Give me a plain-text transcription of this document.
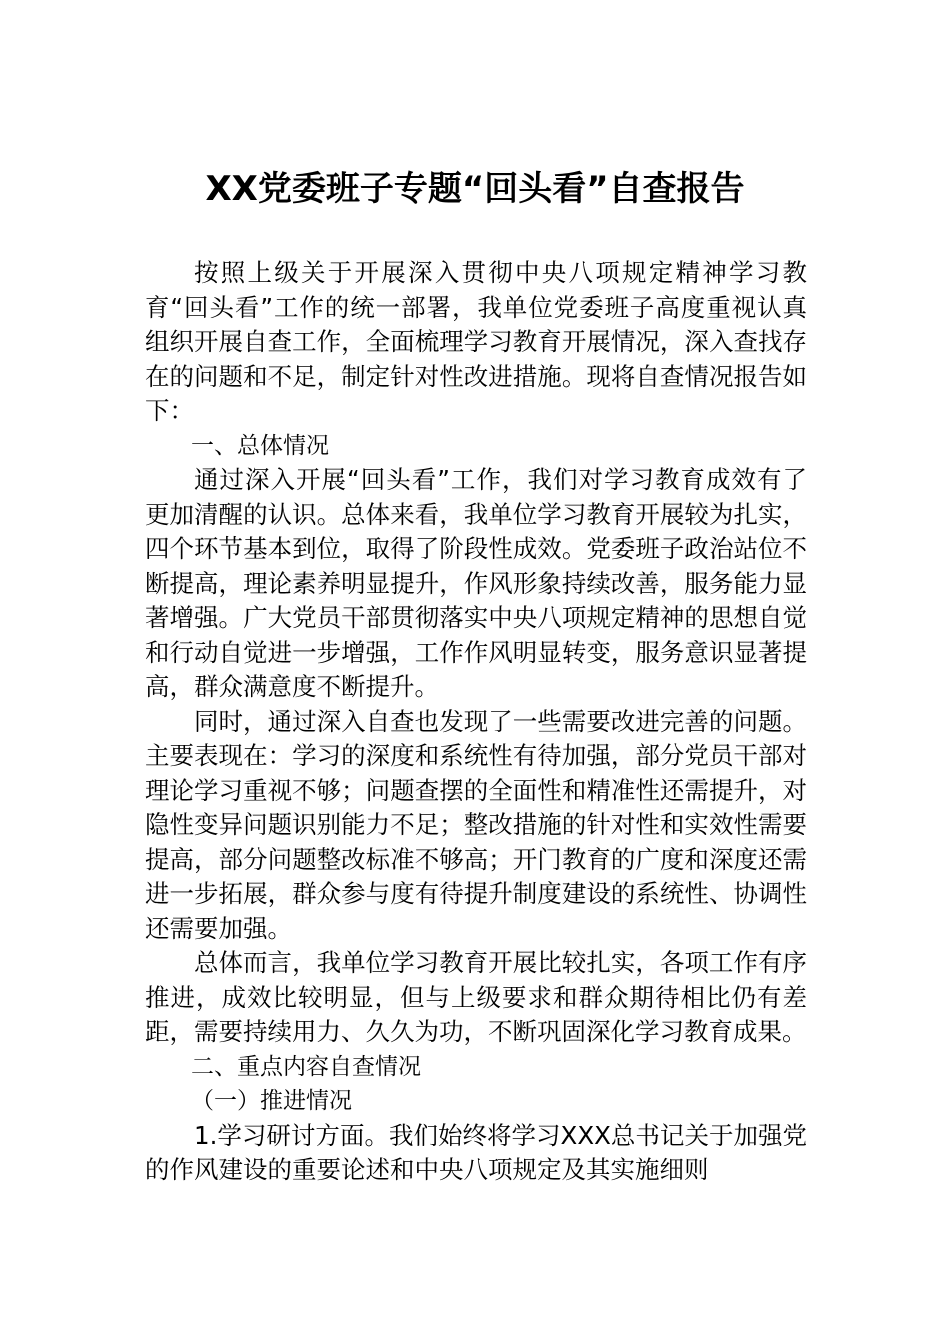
XX党委班子专题“回头看”自查报告

按照上级关于开展深入贯彻中央八项规定精神学习教育“回头看”工作的统一部署，我单位党委班子高度重视认真组织开展自查工作，全面梳理学习教育开展情况，深入查找存在的问题和不足，制定针对性改进措施。现将自查情况报告如下：

一、总体情况

通过深入开展“回头看”工作，我们对学习教育成效有了更加清醒的认识。总体来看，我单位学习教育开展较为扎实，四个环节基本到位，取得了阶段性成效。党委班子政治站位不断提高，理论素养明显提升，作风形象持续改善，服务能力显著增强。广大党员干部贯彻落实中央八项规定精神的思想自觉和行动自觉进一步增强，工作作风明显转变，服务意识显著提高，群众满意度不断提升。

同时，通过深入自查也发现了一些需要改进完善的问题。主要表现在：学习的深度和系统性有待加强，部分党员干部对理论学习重视不够；问题查摆的全面性和精准性还需提升，对隐性变异问题识别能力不足；整改措施的针对性和实效性需要提高，部分问题整改标准不够高；开门教育的广度和深度还需进一步拓展，群众参与度有待提升制度建设的系统性、协调性还需要加强。

总体而言，我单位学习教育开展比较扎实，各项工作有序推进，成效比较明显，但与上级要求和群众期待相比仍有差距，需要持续用力、久久为功，不断巩固深化学习教育成果。

二、重点内容自查情况

（一）推进情况

1.学习研讨方面。我们始终将学习XXX总书记关于加强党的作风建设的重要论述和中央八项规定及其实施细则
